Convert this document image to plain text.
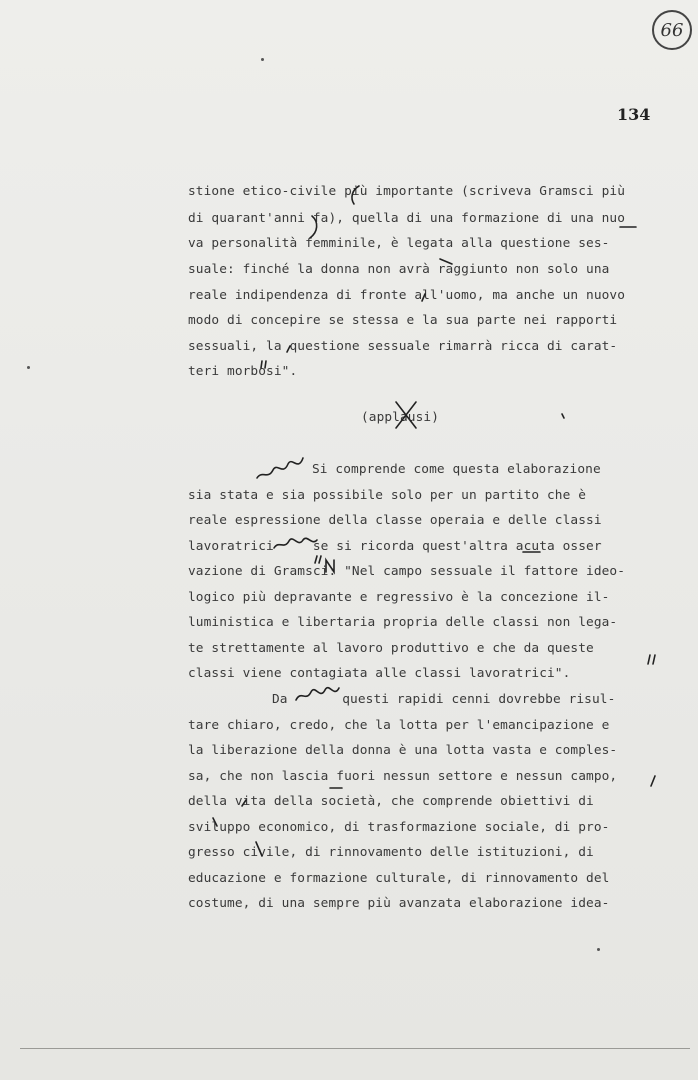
66
134
stione etico-civile più importante (scriveva Gramsci più
di quarant'anni fa), quella di una formazione di una nuo
va personalità femminile, è legata alla questione ses-
suale: finché la donna non avrà raggiunto non solo una
reale indipendenza di fronte all'uomo, ma anche un nuovo
modo di concepire se stessa e la sua parte nei rapporti
sessuali, la questione sessuale rimarrà ricca di carat-
teri morbosi".
(applausi)
Si comprende come questa elaborazione
sia stata e sia possibile solo per un partito che è
reale espressione della classe operaia e delle classi
lavoratrici     se si ricorda quest'altra acuta osser
vazione di Gramsci: "Nel campo sessuale il fattore ideo-
logico più depravante e regressivo è la concezione il-
luministica e libertaria propria delle classi non lega-
te strettamente al lavoro produttivo e che da queste
classi viene contagiata alle classi lavoratrici".
Da       questi rapidi cenni dovrebbe risul-
tare chiaro, credo, che la lotta per l'emancipazione e
la liberazione della donna è una lotta vasta e comples-
sa, che non lascia fuori nessun settore e nessun campo,
della vita della società, che comprende obiettivi di
sviluppo economico, di trasformazione sociale, di pro-
gresso civile, di rinnovamento delle istituzioni, di
educazione e formazione culturale, di rinnovamento del
costume, di una sempre più avanzata elaborazione idea-
